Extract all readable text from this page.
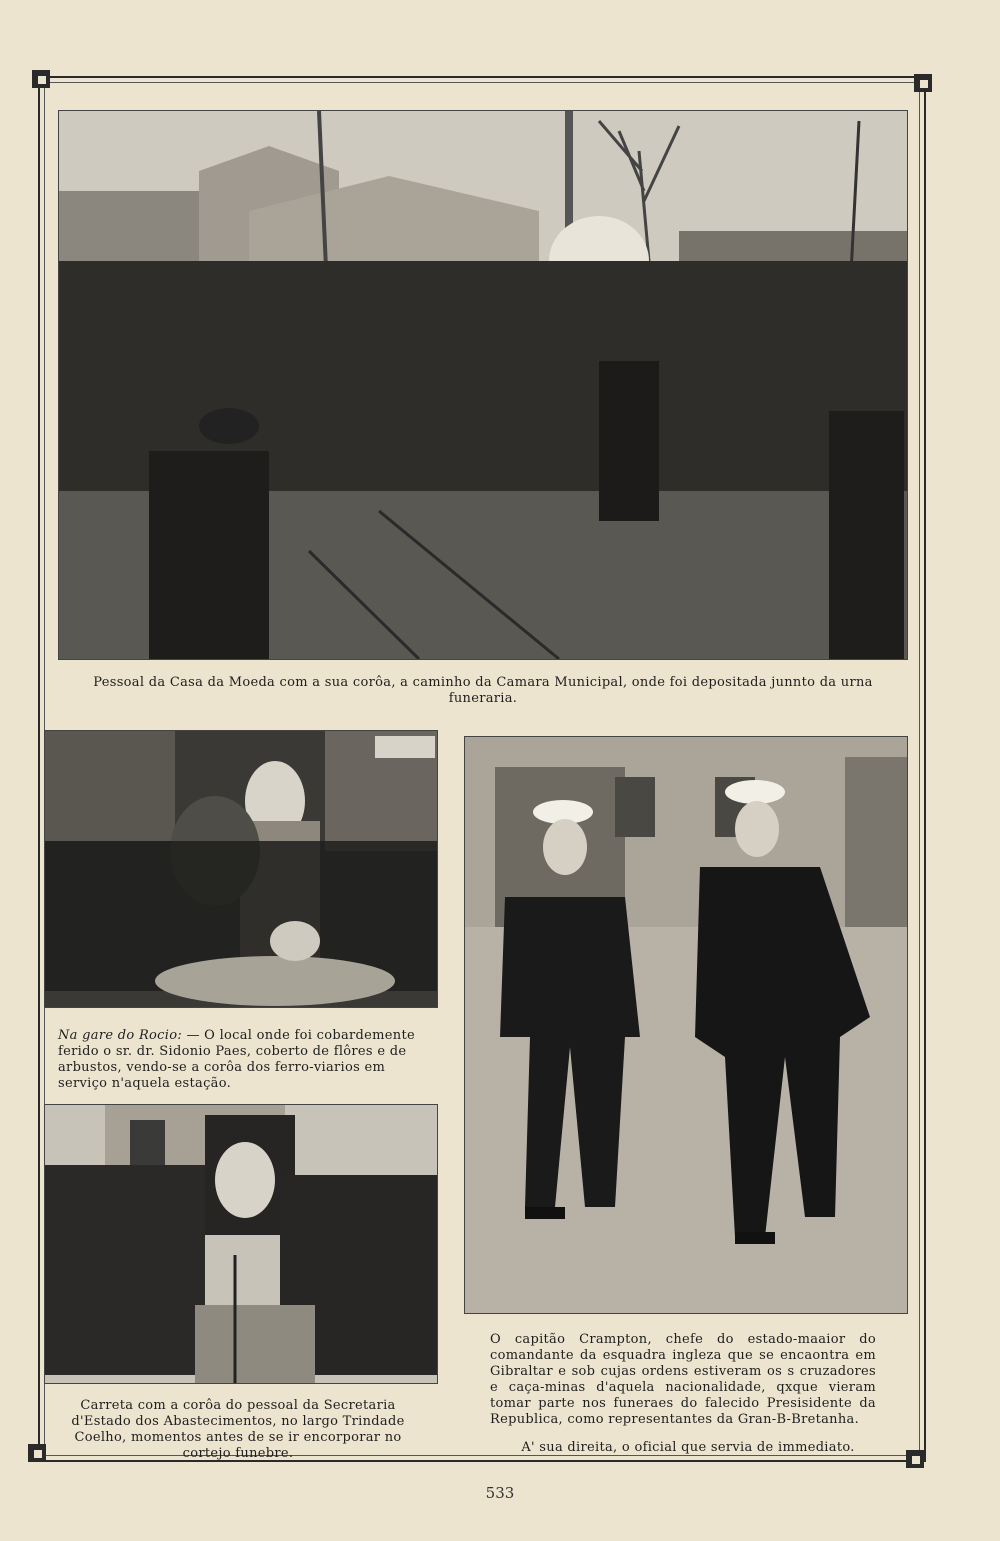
Pessoal da Casa da Moeda com a sua corôa, a caminho da Camara Municipal, onde foi depositada junnto da urna funeraria.
Na gare do Rocio: — O local onde foi cobardemente ferido o sr. dr. Sidonio Paes, coberto de flôres e de arbustos, vendo-se a corôa dos ferro-viarios em serviço n'aquela estação.
Carreta com a corôa do pessoal da Secretaria d'Estado dos Abastecimentos, no largo Trindade Coelho, momentos antes de se ir encorporar no cortejo funebre.
O capitão Crampton, chefe do estado-maaior do comandante da esquadra ingleza que se encaontra em Gibraltar e sob cujas ordens estiveram os s cruzadores e caça-minas d'aquela nacionalidade, qxque vieram tomar parte nos funeraes do falecido Presisidente da Republica, como representantes da Gran-B-Bretanha.
A' sua direita, o oficial que servia de immediato.
533
